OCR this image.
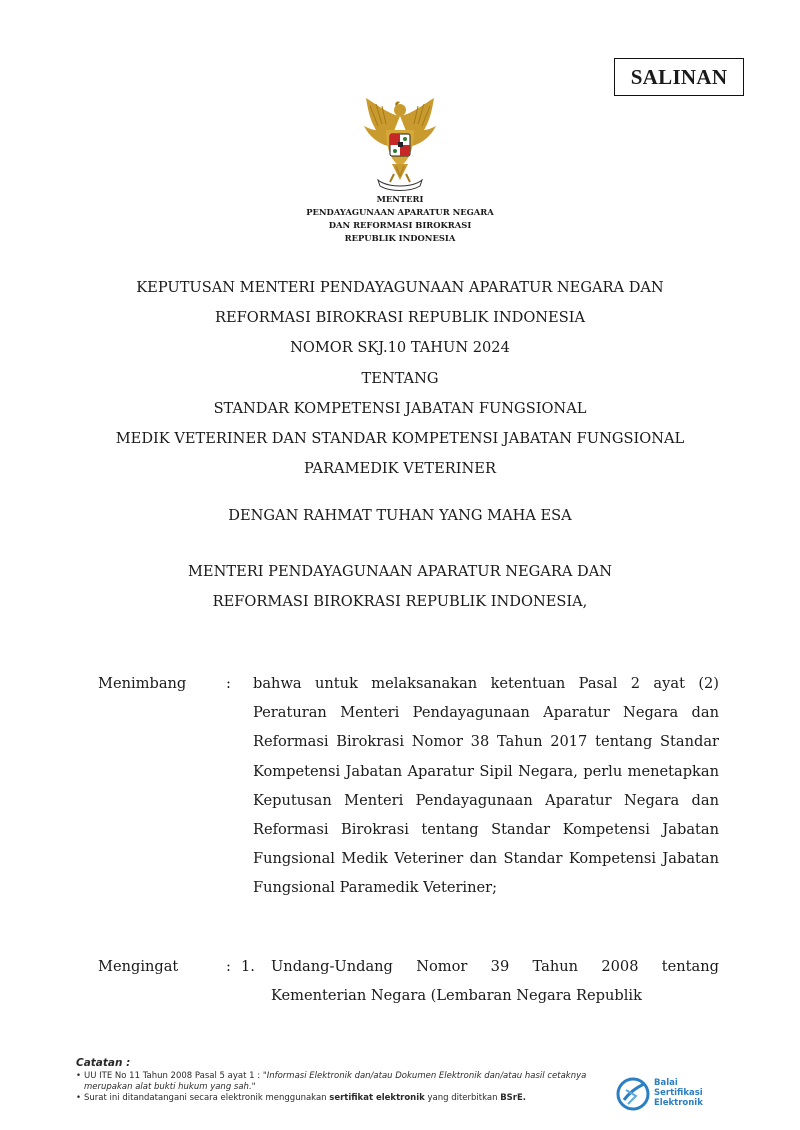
SALINAN
MENTERI
PENDAYAGUNAAN APARATUR NEGARA
DAN REFORMASI BIROKRASI
REPUBLIK INDONESIA
KEPUTUSAN MENTERI PENDAYAGUNAAN APARATUR NEGARA DAN
REFORMASI BIROKRASI REPUBLIK INDONESIA
NOMOR SKJ.10 TAHUN 2024
TENTANG
STANDAR KOMPETENSI JABATAN FUNGSIONAL
MEDIK VETERINER DAN STANDAR KOMPETENSI JABATAN FUNGSIONAL
PARAMEDIK VETERINER
DENGAN RAHMAT TUHAN YANG MAHA ESA
MENTERI PENDAYAGUNAAN APARATUR NEGARA DAN
REFORMASI BIROKRASI REPUBLIK INDONESIA,
Menimbang	: bahwa untuk melaksanakan ketentuan Pasal 2 ayat (2) Peraturan Menteri Pendayagunaan Aparatur Negara dan Reformasi Birokrasi Nomor 38 Tahun 2017 tentang Standar Kompetensi Jabatan Aparatur Sipil Negara, perlu menetapkan Keputusan Menteri Pendayagunaan Aparatur Negara dan Reformasi Birokrasi tentang Standar Kompetensi Jabatan Fungsional Medik Veteriner dan Standar Kompetensi Jabatan Fungsional Paramedik Veteriner;
Mengingat	: 1. Undang-Undang Nomor 39 Tahun 2008 tentang Kementerian Negara (Lembaran Negara Republik
Catatan :
• UU ITE No 11 Tahun 2008 Pasal 5 ayat 1 : "Informasi Elektronik dan/atau Dokumen Elektronik dan/atau hasil cetaknya merupakan alat bukti hukum yang sah."
• Surat ini ditandatangani secara elektronik menggunakan sertifikat elektronik yang diterbitkan BSrE.
Balai
Sertifikasi
Elektronik
